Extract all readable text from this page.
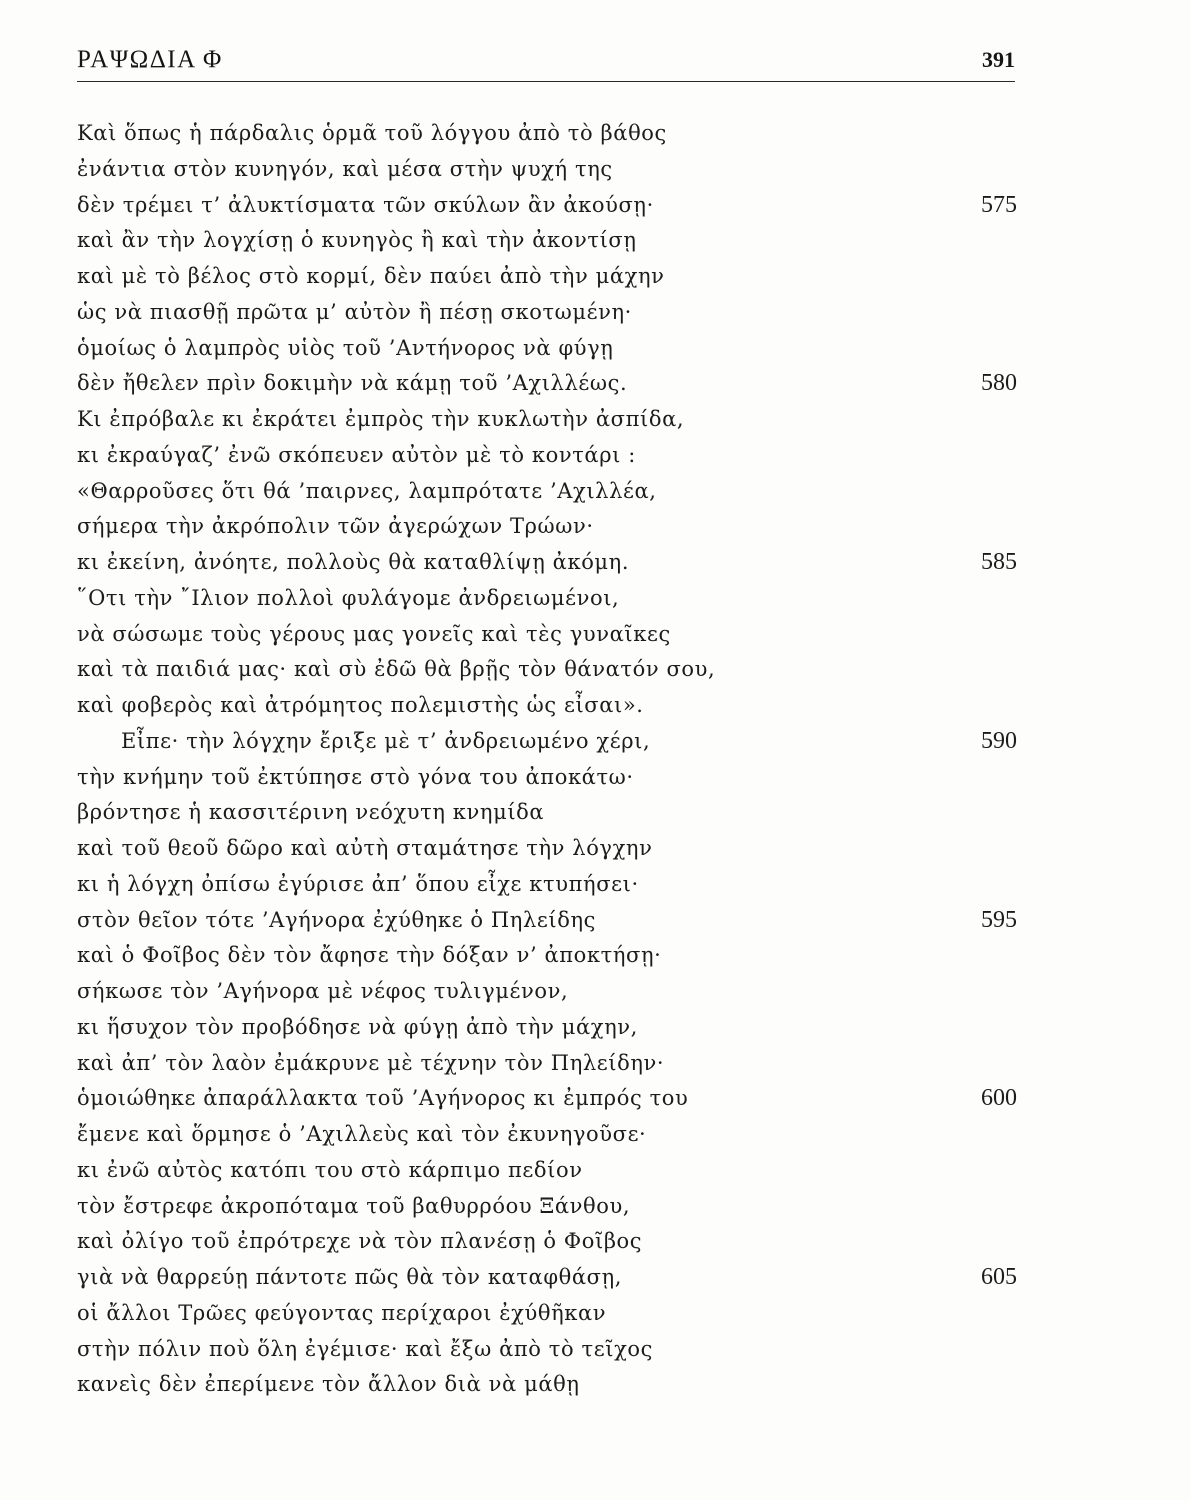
ΡΑΨΩΔΙΑ Φ	391
Καὶ ὅπως ἡ πάρδαλις ὁρμᾶ τοῦ λόγγου ἀπὸ τὸ βάθος
ἐνάντια στὸν κυνηγόν, καὶ μέσα στὴν ψυχή της
δὲν τρέμει τ’ ἀλυκτίσματα τῶν σκύλων ἂν ἀκούσῃ·	575
καὶ ἂν τὴν λογχίσῃ ὁ κυνηγὸς ἢ καὶ τὴν ἀκοντίσῃ
καὶ μὲ τὸ βέλος στὸ κορμί, δὲν παύει ἀπὸ τὴν μάχην
ὡς νὰ πιασθῇ πρῶτα μ’ αὐτὸν ἢ πέσῃ σκοτωμένη·
ὁμοίως ὁ λαμπρὸς υἱὸς τοῦ ’Αντήνορος νὰ φύγῃ
δὲν ἤθελεν πρὶν δοκιμὴν νὰ κάμῃ τοῦ ’Αχιλλέως.	580
Κι ἐπρόβαλε κι ἐκράτει ἐμπρὸς τὴν κυκλωτὴν ἀσπίδα,
κι ἐκραύγαζ’ ἐνῶ σκόπευεν αὐτὸν μὲ τὸ κοντάρι :
«Θαρροῦσες ὅτι θά ’παιρνες, λαμπρότατε ’Αχιλλέα,
σήμερα τὴν ἀκρόπολιν τῶν ἀγερώχων Τρώων·
κι ἐκείνη, ἀνόητε, πολλοὺς θὰ καταθλίψῃ ἀκόμη.	585
῞Οτι τὴν ῎Ιλιον πολλοὶ φυλάγομε ἀνδρειωμένοι,
νὰ σώσωμε τοὺς γέρους μας γονεῖς καὶ τὲς γυναῖκες
καὶ τὰ παιδιά μας· καὶ σὺ ἐδῶ θὰ βρῇς τὸν θάνατόν σου,
καὶ φοβερὸς καὶ ἀτρόμητος πολεμιστὴς ὡς εἶσαι».
Εἶπε· τὴν λόγχην ἔριξε μὲ τ’ ἀνδρειωμένο χέρι,	590
τὴν κνήμην τοῦ ἐκτύπησε στὸ γόνα του ἀποκάτω·
βρόντησε ἡ κασσιτέρινη νεόχυτη κνημίδα
καὶ τοῦ θεοῦ δῶρο καὶ αὐτὴ σταμάτησε τὴν λόγχην
κι ἡ λόγχη ὀπίσω ἐγύρισε ἀπ’ ὅπου εἶχε κτυπήσει·
στὸν θεῖον τότε ’Αγήνορα ἐχύθηκε ὁ Πηλείδης	595
καὶ ὁ Φοῖβος δὲν τὸν ἄφησε τὴν δόξαν ν’ ἀποκτήσῃ·
σήκωσε τὸν ’Αγήνορα μὲ νέφος τυλιγμένον,
κι ἥσυχον τὸν προβόδησε νὰ φύγῃ ἀπὸ τὴν μάχην,
καὶ ἀπ’ τὸν λαὸν ἐμάκρυνε μὲ τέχνην τὸν Πηλείδην·
ὁμοιώθηκε ἀπαράλλακτα τοῦ ’Αγήνορος κι ἐμπρός του	600
ἔμενε καὶ ὅρμησε ὁ ’Αχιλλεὺς καὶ τὸν ἐκυνηγοῦσε·
κι ἐνῶ αὐτὸς κατόπι του στὸ κάρπιμο πεδίον
τὸν ἔστρεφε ἀκροπόταμα τοῦ βαθυρρόου Ξάνθου,
καὶ ὀλίγο τοῦ ἐπρότρεχε νὰ τὸν πλανέσῃ ὁ Φοῖβος
γιὰ νὰ θαρρεύῃ πάντοτε πῶς θὰ τὸν καταφθάσῃ,	605
οἱ ἄλλοι Τρῶες φεύγοντας περίχαροι ἐχύθῆκαν
στὴν πόλιν ποὺ ὅλη ἐγέμισε· καὶ ἔξω ἀπὸ τὸ τεῖχος
κανεὶς δὲν ἐπερίμενε τὸν ἄλλον διὰ νὰ μάθῃ
